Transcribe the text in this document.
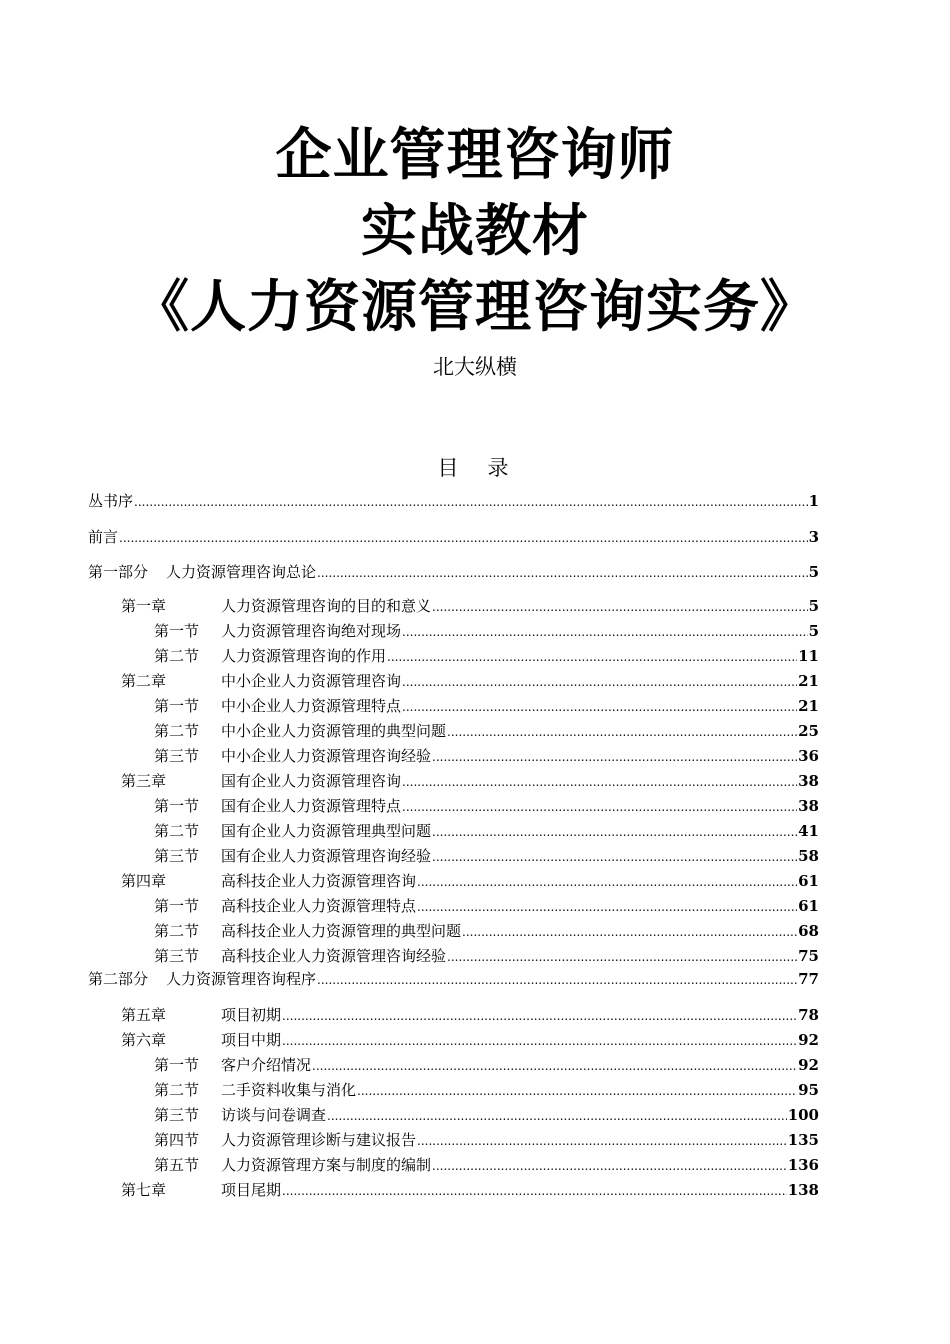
企业管理咨询师
实战教材
《人力资源管理咨询实务》
北大纵横
目　录
丛书序 .....	1
前言 .....	3
第一部分 人力资源管理咨询总论 .....	5
第一章	人力资源管理咨询的目的和意义 .....	5
第一节	人力资源管理咨询绝对现场 .....	5
第二节	人力资源管理咨询的作用 .....	11
第二章	中小企业人力资源管理咨询 .....	21
第一节	中小企业人力资源管理特点 .....	21
第二节	中小企业人力资源管理的典型问题 .....	25
第三节	中小企业人力资源管理咨询经验 .....	36
第三章	国有企业人力资源管理咨询 .....	38
第一节	国有企业人力资源管理特点 .....	38
第二节	国有企业人力资源管理典型问题 .....	41
第三节	国有企业人力资源管理咨询经验 .....	58
第四章	高科技企业人力资源管理咨询 .....	61
第一节	高科技企业人力资源管理特点 .....	61
第二节	高科技企业人力资源管理的典型问题 .....	68
第三节	高科技企业人力资源管理咨询经验 .....	75
第二部分 人力资源管理咨询程序 .....	77
第五章	项目初期 .....	78
第六章	项目中期 .....	92
第一节	客户介绍情况 .....	92
第二节	二手资料收集与消化 .....	95
第三节	访谈与问卷调查 .....	100
第四节	人力资源管理诊断与建议报告 .....	135
第五节	人力资源管理方案与制度的编制 .....	136
第七章	项目尾期 .....	138
